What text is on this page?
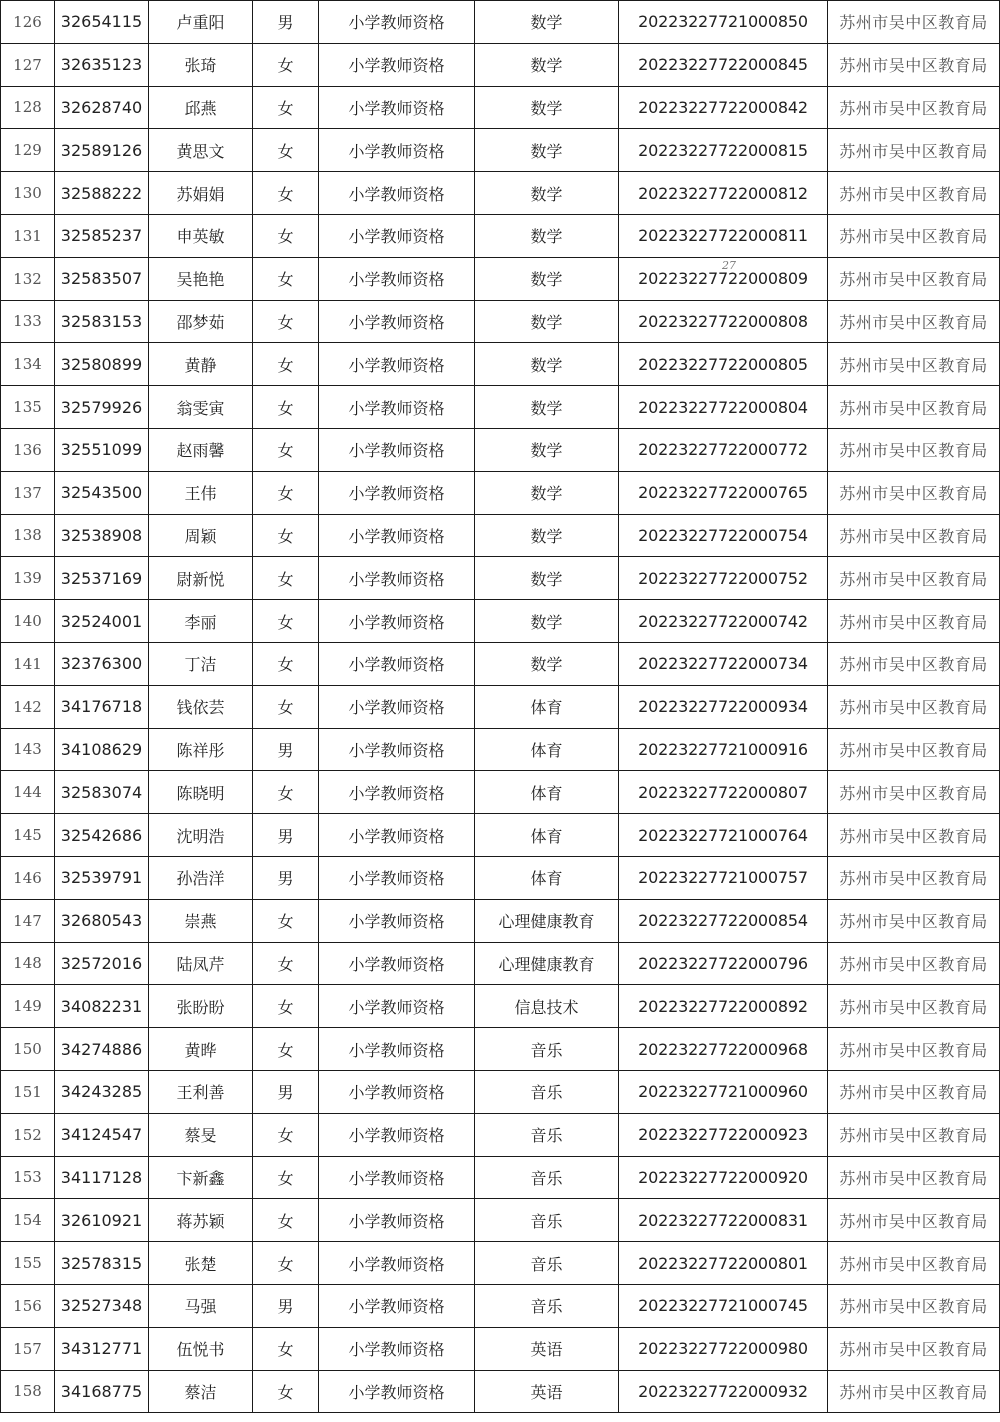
126	32654115	卢重阳	男	小学教师资格	数学	20223227721000850	苏州市吴中区教育局
127	32635123	张琦	女	小学教师资格	数学	20223227722000845	苏州市吴中区教育局
128	32628740	邱燕	女	小学教师资格	数学	20223227722000842	苏州市吴中区教育局
129	32589126	黄思文	女	小学教师资格	数学	20223227722000815	苏州市吴中区教育局
130	32588222	苏娟娟	女	小学教师资格	数学	20223227722000812	苏州市吴中区教育局
131	32585237	申英敏	女	小学教师资格	数学	20223227722000811	苏州市吴中区教育局
132	32583507	吴艳艳	女	小学教师资格	数学	20223227722000809	苏州市吴中区教育局
133	32583153	邵梦茹	女	小学教师资格	数学	20223227722000808	苏州市吴中区教育局
134	32580899	黄静	女	小学教师资格	数学	20223227722000805	苏州市吴中区教育局
135	32579926	翁雯寅	女	小学教师资格	数学	20223227722000804	苏州市吴中区教育局
136	32551099	赵雨馨	女	小学教师资格	数学	20223227722000772	苏州市吴中区教育局
137	32543500	王伟	女	小学教师资格	数学	20223227722000765	苏州市吴中区教育局
138	32538908	周颖	女	小学教师资格	数学	20223227722000754	苏州市吴中区教育局
139	32537169	尉新悦	女	小学教师资格	数学	20223227722000752	苏州市吴中区教育局
140	32524001	李丽	女	小学教师资格	数学	20223227722000742	苏州市吴中区教育局
141	32376300	丁洁	女	小学教师资格	数学	20223227722000734	苏州市吴中区教育局
142	34176718	钱依芸	女	小学教师资格	体育	20223227722000934	苏州市吴中区教育局
143	34108629	陈祥彤	男	小学教师资格	体育	20223227721000916	苏州市吴中区教育局
144	32583074	陈晓明	女	小学教师资格	体育	20223227722000807	苏州市吴中区教育局
145	32542686	沈明浩	男	小学教师资格	体育	20223227721000764	苏州市吴中区教育局
146	32539791	孙浩洋	男	小学教师资格	体育	20223227721000757	苏州市吴中区教育局
147	32680543	崇燕	女	小学教师资格	心理健康教育	20223227722000854	苏州市吴中区教育局
148	32572016	陆凤芹	女	小学教师资格	心理健康教育	20223227722000796	苏州市吴中区教育局
149	34082231	张盼盼	女	小学教师资格	信息技术	20223227722000892	苏州市吴中区教育局
150	34274886	黄晔	女	小学教师资格	音乐	20223227722000968	苏州市吴中区教育局
151	34243285	王利善	男	小学教师资格	音乐	20223227721000960	苏州市吴中区教育局
152	34124547	蔡旻	女	小学教师资格	音乐	20223227722000923	苏州市吴中区教育局
153	34117128	卞新鑫	女	小学教师资格	音乐	20223227722000920	苏州市吴中区教育局
154	32610921	蒋苏颖	女	小学教师资格	音乐	20223227722000831	苏州市吴中区教育局
155	32578315	张楚	女	小学教师资格	音乐	20223227722000801	苏州市吴中区教育局
156	32527348	马强	男	小学教师资格	音乐	20223227721000745	苏州市吴中区教育局
157	34312771	伍悦书	女	小学教师资格	英语	20223227722000980	苏州市吴中区教育局
158	34168775	蔡洁	女	小学教师资格	英语	20223227722000932	苏州市吴中区教育局
27
